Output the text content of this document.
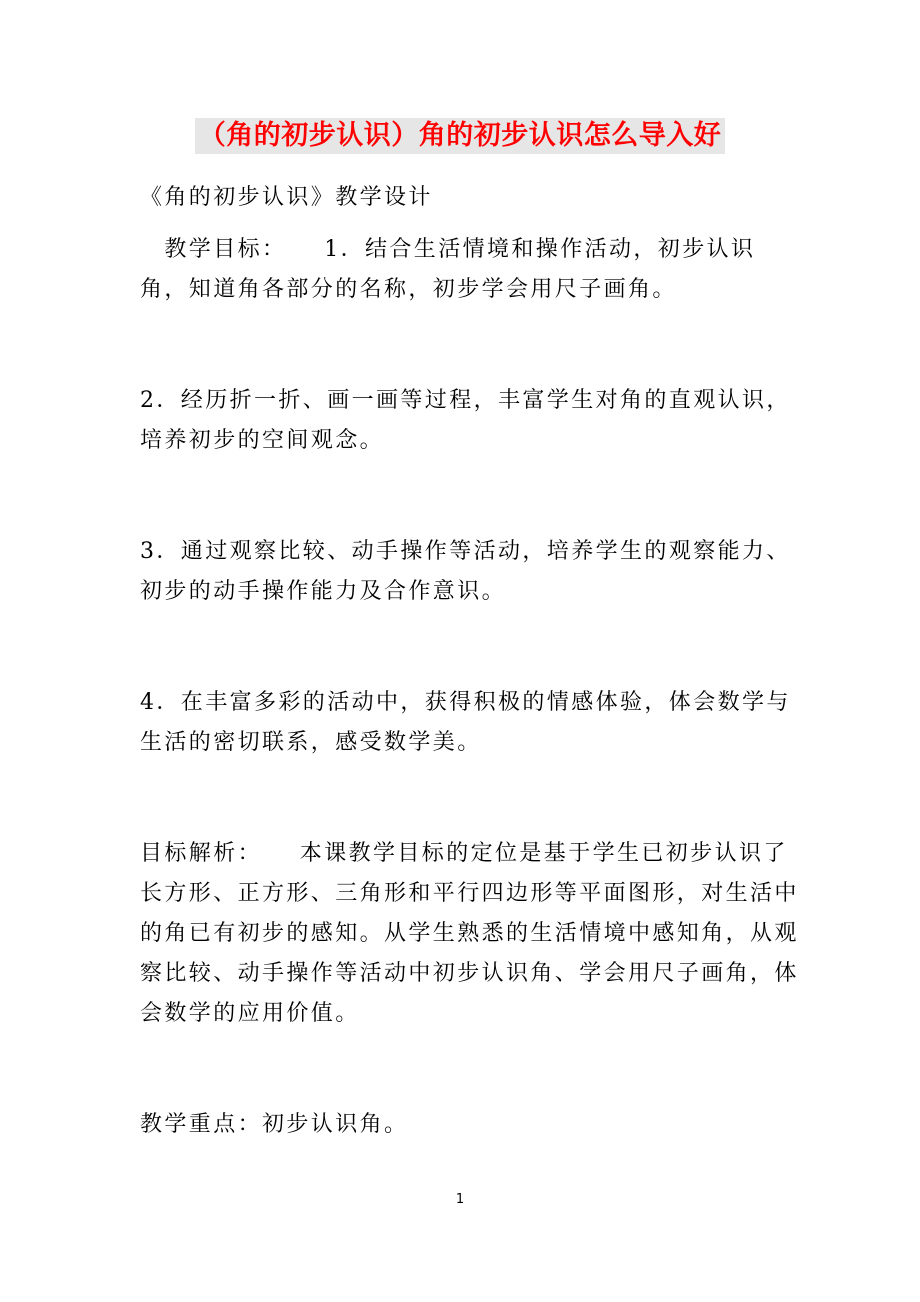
（角的初步认识）角的初步认识怎么导入好

《角的初步认识》教学设计

　教学目标：　　1．结合生活情境和操作活动，初步认识角，知道角各部分的名称，初步学会用尺子画角。

2．经历折一折、画一画等过程，丰富学生对角的直观认识，培养初步的空间观念。

3．通过观察比较、动手操作等活动，培养学生的观察能力、初步的动手操作能力及合作意识。

4．在丰富多彩的活动中，获得积极的情感体验，体会数学与生活的密切联系，感受数学美。

目标解析：　　本课教学目标的定位是基于学生已初步认识了长方形、正方形、三角形和平行四边形等平面图形，对生活中的角已有初步的感知。从学生熟悉的生活情境中感知角，从观察比较、动手操作等活动中初步认识角、学会用尺子画角，体会数学的应用价值。

教学重点：初步认识角。

1
